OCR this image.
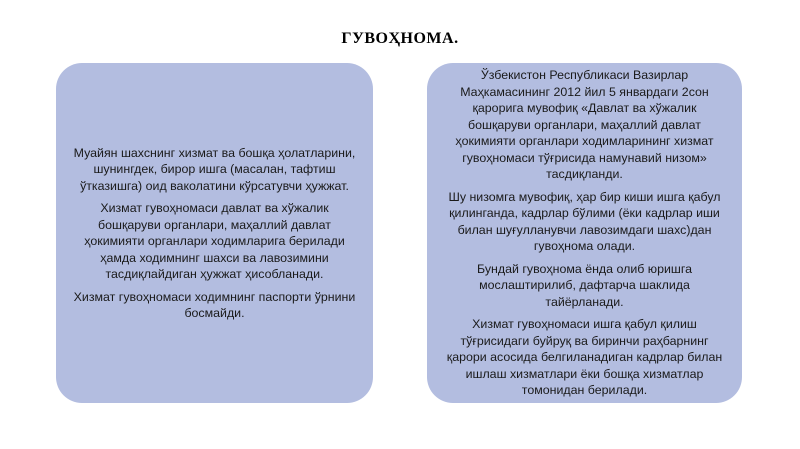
ГУВОҲНОМА.

Муайян шахснинг хизмат ва бошқа ҳолатларини, шунингдек, бирор ишга (масалан, тафтиш ўтказишга) оид ваколатини кўрсатувчи ҳужжат.

Хизмат гувоҳномаси давлат ва хўжалик бошқаруви органлари, маҳаллий давлат ҳокимияти органлари ходимларига берилади ҳамда ходимнинг шахси ва лавозимини тасдиқлайдиган ҳужжат ҳисобланади.

Хизмат гувоҳномаси ходимнинг паспорти ўрнини босмайди.

Ўзбекистон Республикаси Вазирлар Маҳкамасининг 2012 йил 5 январдаги 2сон қарорига мувофиқ «Давлат ва хўжалик бошқаруви органлари, маҳаллий давлат ҳокимияти органлари ходимларининг хизмат гувоҳномаси тўғрисида намунавий низом» тасдиқланди.

Шу низомга мувофиқ, ҳар бир киши ишга қабул қилинганда, кадрлар бўлими (ёки кадрлар иши билан шуғулланувчи лавозимдаги шахс)дан гувоҳнома олади.

Бундай гувоҳнома ёнда олиб юришга мослаштирилиб, дафтарча шаклида тайёрланади.

Хизмат гувоҳномаси ишга қабул қилиш тўғрисидаги буйруқ ва биринчи раҳбарнинг қарори асосида белгиланадиган кадрлар билан ишлаш хизматлари ёки бошқа хизматлар томонидан берилади.
